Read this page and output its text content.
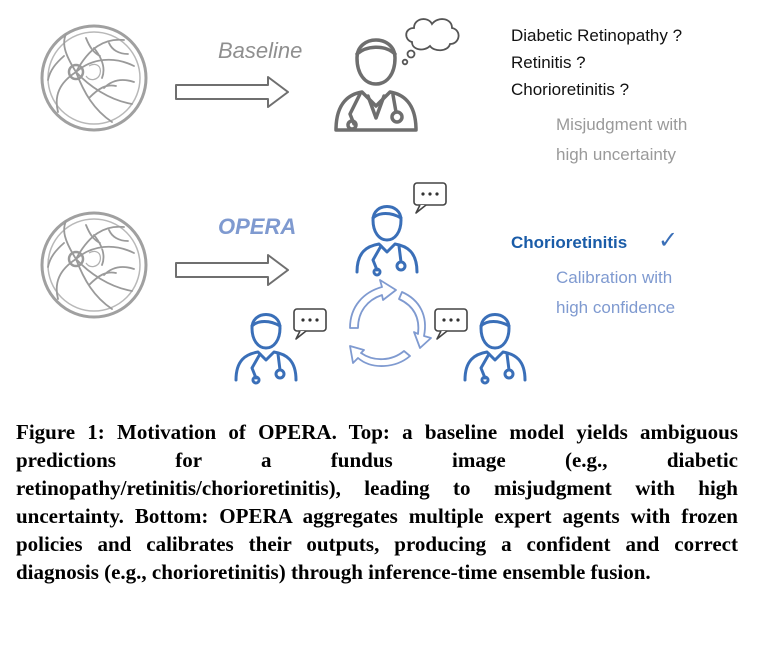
Baseline
OPERA
Diabetic Retinopathy ?
Retinitis ?
Chorioretinitis ?
Misjudgment with
high uncertainty
Chorioretinitis ✓
Calibration with
high confidence
Figure 1: Motivation of OPERA. Top: a baseline model yields ambiguous predictions for a fundus image (e.g., diabetic retinopathy/retinitis/chorioretinitis), leading to misjudgment with high uncertainty. Bottom: OPERA aggregates multiple expert agents with frozen policies and calibrates their outputs, producing a confident and correct diagnosis (e.g., chorioretinitis) through inference-time ensemble fusion.
